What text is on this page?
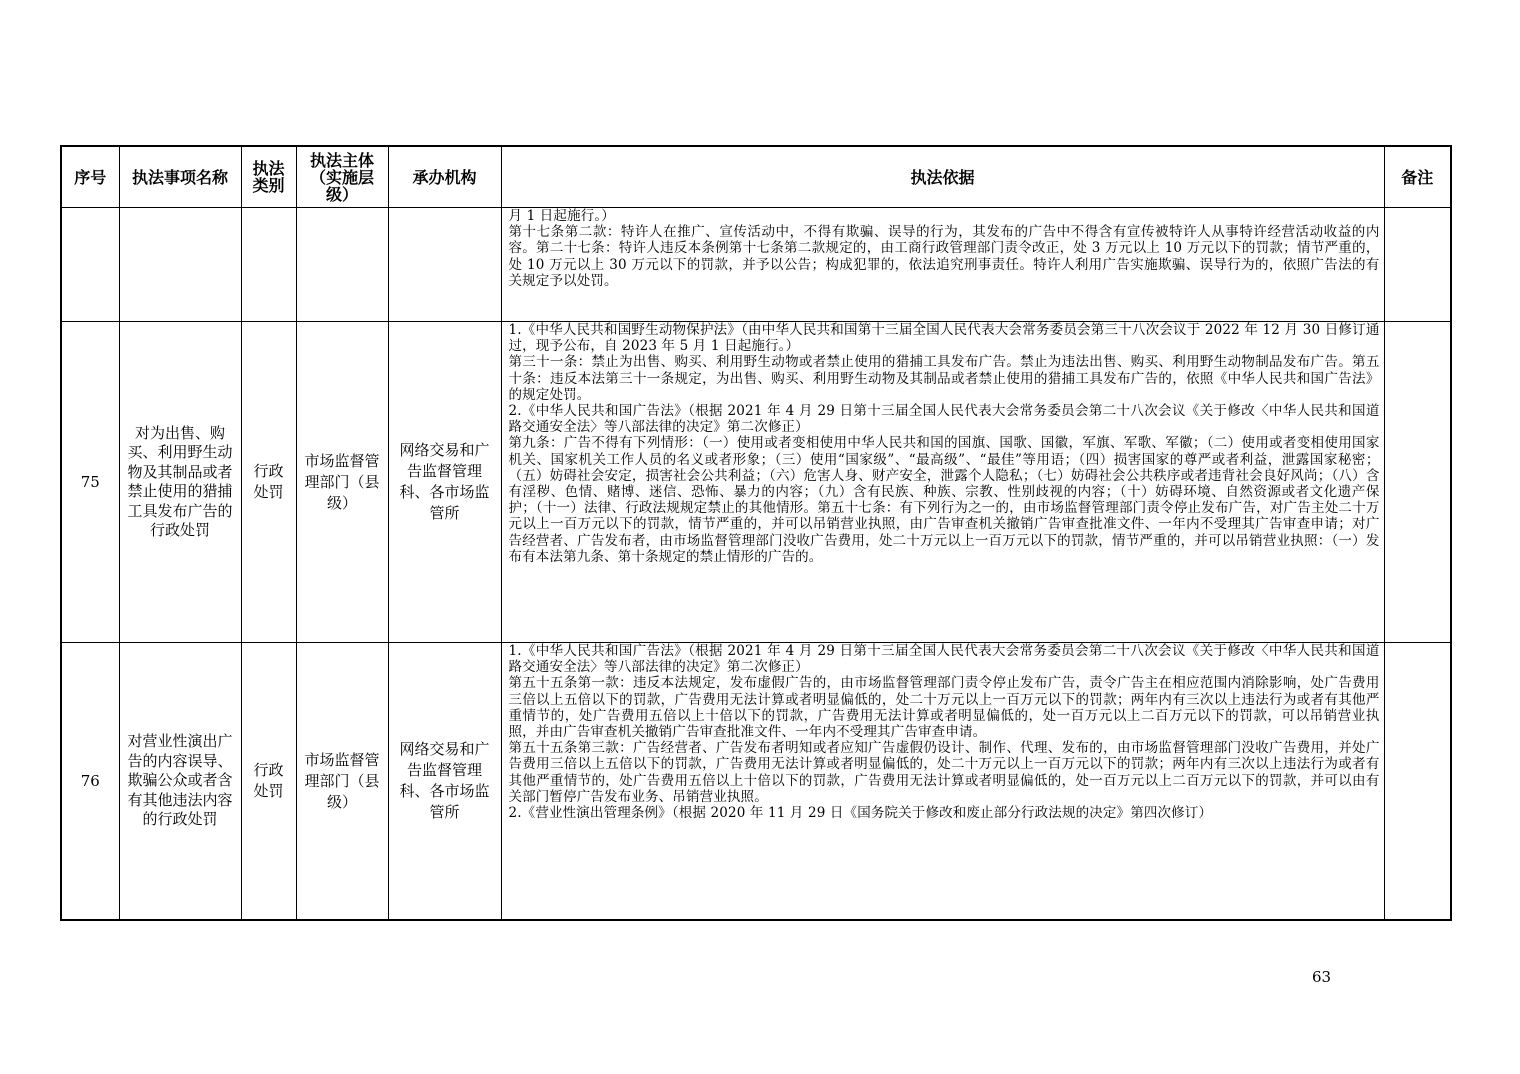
序号	执法事项名称	执法类别	执法主体（实施层级）	承办机构	执法依据	备注

					月 1 日起施行。）

第十七条第二款：特许人在推广、宣传活动中，不得有欺骗、误导的行为，其发布的广告中不得含有宣传被特许人从事特许经营活动收益的内容。第二十七条：特许人违反本条例第十七条第二款规定的，由工商行政管理部门责令改正，处 3 万元以上 10 万元以下的罚款；情节严重的，处 10 万元以上 30 万元以下的罚款，并予以公告；构成犯罪的，依法追究刑事责任。特许人利用广告实施欺骗、误导行为的，依照广告法的有关规定予以处罚。	

75	对为出售、购买、利用野生动物及其制品或者禁止使用的猎捕工具发布广告的行政处罚	行政处罚	市场监督管理部门（县级）	网络交易和广告监督管理科、各市场监管所	1.《中华人民共和国野生动物保护法》（由中华人民共和国第十三届全国人民代表大会常务委员会第三十八次会议于 2022 年 12 月 30 日修订通过，现予公布，自 2023 年 5 月 1 日起施行。）

第三十一条：禁止为出售、购买、利用野生动物或者禁止使用的猎捕工具发布广告。禁止为违法出售、购买、利用野生动物制品发布广告。第五十条：违反本法第三十一条规定，为出售、购买、利用野生动物及其制品或者禁止使用的猎捕工具发布广告的，依照《中华人民共和国广告法》的规定处罚。

2.《中华人民共和国广告法》（根据 2021 年 4 月 29 日第十三届全国人民代表大会常务委员会第二十八次会议《关于修改〈中华人民共和国道路交通安全法〉等八部法律的决定》第二次修正）

第九条：广告不得有下列情形：（一）使用或者变相使用中华人民共和国的国旗、国歌、国徽，军旗、军歌、军徽；（二）使用或者变相使用国家机关、国家机关工作人员的名义或者形象；（三）使用“国家级”、“最高级”、“最佳”等用语；（四）损害国家的尊严或者利益，泄露国家秘密；（五）妨碍社会安定，损害社会公共利益；（六）危害人身、财产安全，泄露个人隐私；（七）妨碍社会公共秩序或者违背社会良好风尚；（八）含有淫秽、色情、赌博、迷信、恐怖、暴力的内容；（九）含有民族、种族、宗教、性别歧视的内容；（十）妨碍环境、自然资源或者文化遗产保护；（十一）法律、行政法规规定禁止的其他情形。第五十七条：有下列行为之一的，由市场监督管理部门责令停止发布广告，对广告主处二十万元以上一百万元以下的罚款，情节严重的，并可以吊销营业执照，由广告审查机关撤销广告审查批准文件、一年内不受理其广告审查申请；对广告经营者、广告发布者，由市场监督管理部门没收广告费用，处二十万元以上一百万元以下的罚款，情节严重的，并可以吊销营业执照：（一）发布有本法第九条、第十条规定的禁止情形的广告的。	

76	对营业性演出广告的内容误导、欺骗公众或者含有其他违法内容的行政处罚	行政处罚	市场监督管理部门（县级）	网络交易和广告监督管理科、各市场监管所	1.《中华人民共和国广告法》（根据 2021 年 4 月 29 日第十三届全国人民代表大会常务委员会第二十八次会议《关于修改〈中华人民共和国道路交通安全法〉等八部法律的决定》第二次修正）

第五十五条第一款：违反本法规定，发布虚假广告的，由市场监督管理部门责令停止发布广告，责令广告主在相应范围内消除影响，处广告费用三倍以上五倍以下的罚款，广告费用无法计算或者明显偏低的，处二十万元以上一百万元以下的罚款；两年内有三次以上违法行为或者有其他严重情节的，处广告费用五倍以上十倍以下的罚款，广告费用无法计算或者明显偏低的，处一百万元以上二百万元以下的罚款，可以吊销营业执照，并由广告审查机关撤销广告审查批准文件、一年内不受理其广告审查申请。

第五十五条第三款：广告经营者、广告发布者明知或者应知广告虚假仍设计、制作、代理、发布的，由市场监督管理部门没收广告费用，并处广告费用三倍以上五倍以下的罚款，广告费用无法计算或者明显偏低的，处二十万元以上一百万元以下的罚款；两年内有三次以上违法行为或者有其他严重情节的，处广告费用五倍以上十倍以下的罚款，广告费用无法计算或者明显偏低的，处一百万元以上二百万元以下的罚款，并可以由有关部门暂停广告发布业务、吊销营业执照。

2.《营业性演出管理条例》（根据 2020 年 11 月 29 日《国务院关于修改和废止部分行政法规的决定》第四次修订）	

63
